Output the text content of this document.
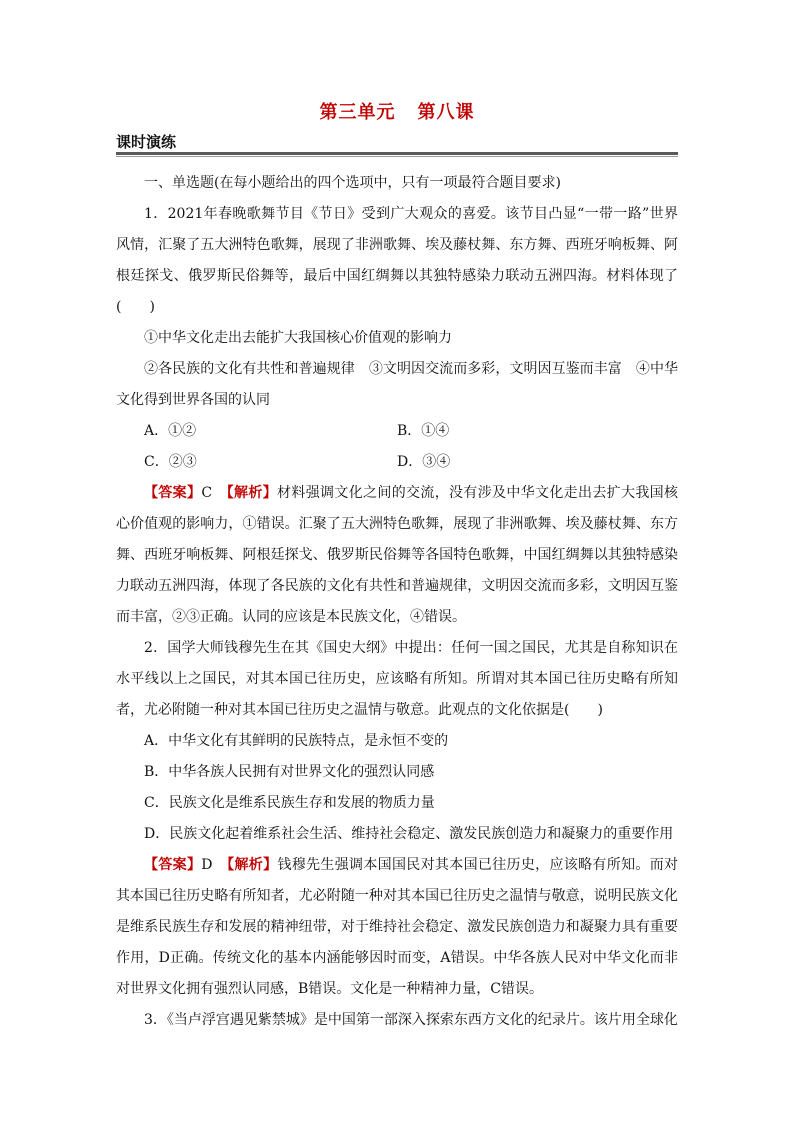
第三单元 第八课
课时演练

一、单选题(在每小题给出的四个选项中，只有一项最符合题目要求)

1．2021年春晚歌舞节目《节日》受到广大观众的喜爱。该节目凸显“一带一路”世界风情，汇聚了五大洲特色歌舞，展现了非洲歌舞、埃及藤杖舞、东方舞、西班牙响板舞、阿根廷探戈、俄罗斯民俗舞等，最后中国红绸舞以其独特感染力联动五洲四海。材料体现了(　　)

①中华文化走出去能扩大我国核心价值观的影响力

②各民族的文化有共性和普遍规律　③文明因交流而多彩，文明因互鉴而丰富　④中华文化得到世界各国的认同

A．①②	B．①④
C．②③	D．③④

【答案】C　 【解析】材料强调文化之间的交流，没有涉及中华文化走出去扩大我国核心价值观的影响力，①错误。汇聚了五大洲特色歌舞，展现了非洲歌舞、埃及藤杖舞、东方舞、西班牙响板舞、阿根廷探戈、俄罗斯民俗舞等各国特色歌舞，中国红绸舞以其独特感染力联动五洲四海，体现了各民族的文化有共性和普遍规律，文明因交流而多彩，文明因互鉴而丰富，②③正确。认同的应该是本民族文化，④错误。

2．国学大师钱穆先生在其《国史大纲》中提出：任何一国之国民，尤其是自称知识在水平线以上之国民，对其本国已往历史，应该略有所知。所谓对其本国已往历史略有所知者，尤必附随一种对其本国已往历史之温情与敬意。此观点的文化依据是(　　)

A．中华文化有其鲜明的民族特点，是永恒不变的

B．中华各族人民拥有对世界文化的强烈认同感

C．民族文化是维系民族生存和发展的物质力量

D．民族文化起着维系社会生活、维持社会稳定、激发民族创造力和凝聚力的重要作用

【答案】D　 【解析】钱穆先生强调本国国民对其本国已往历史，应该略有所知。而对其本国已往历史略有所知者，尤必附随一种对其本国已往历史之温情与敬意，说明民族文化是维系民族生存和发展的精神纽带，对于维持社会稳定、激发民族创造力和凝聚力具有重要作用，D正确。传统文化的基本内涵能够因时而变，A错误。中华各族人民对中华文化而非对世界文化拥有强烈认同感，B错误。文化是一种精神力量，C错误。

3．《当卢浮宫遇见紫禁城》是中国第一部深入探索东西方文化的纪录片。该片用全球化
